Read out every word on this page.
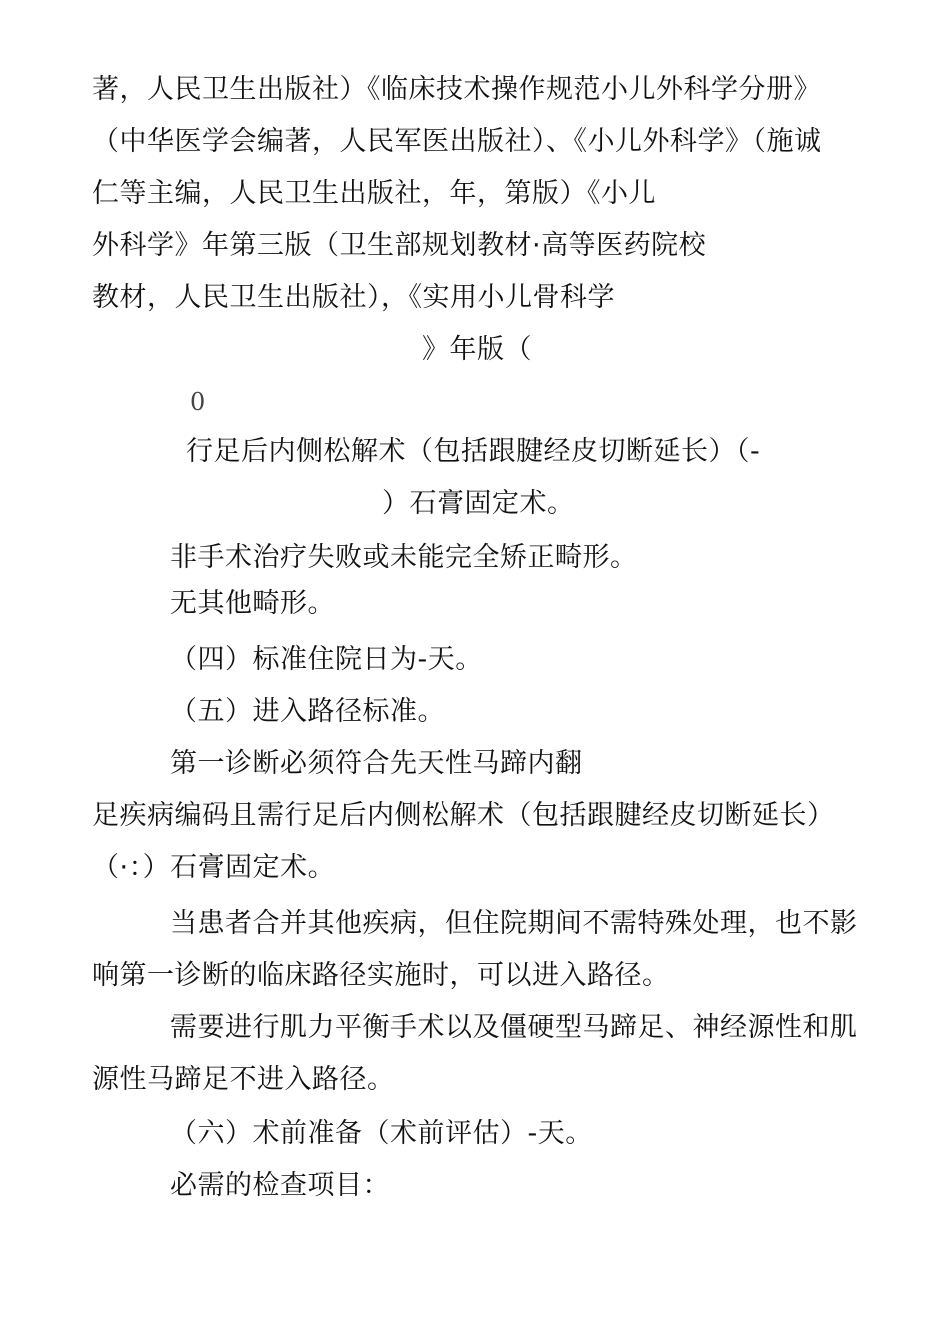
著，人民卫生出版社）《临床技术操作规范小儿外科学分册》
（中华医学会编著，人民军医出版社）、《小儿外科学》（施诚
仁等主编，人民卫生出版社，年，第版）《小儿
外科学》年第三版（卫生部规划教材·高等医药院校
教材，人民卫生出版社），《实用小儿骨科学
》年版（
0
行足后内侧松解术（包括跟腱经皮切断延长）（-
）石膏固定术。
非手术治疗失败或未能完全矫正畸形。
无其他畸形。
（四）标准住院日为-天。
（五）进入路径标准。
第一诊断必须符合先天性马蹄内翻
足疾病编码且需行足后内侧松解术（包括跟腱经皮切断延长）
（·：）石膏固定术。
当患者合并其他疾病，但住院期间不需特殊处理，也不影
响第一诊断的临床路径实施时，可以进入路径。
需要进行肌力平衡手术以及僵硬型马蹄足、神经源性和肌
源性马蹄足不进入路径。
（六）术前准备（术前评估）-天。
必需的检查项目：
